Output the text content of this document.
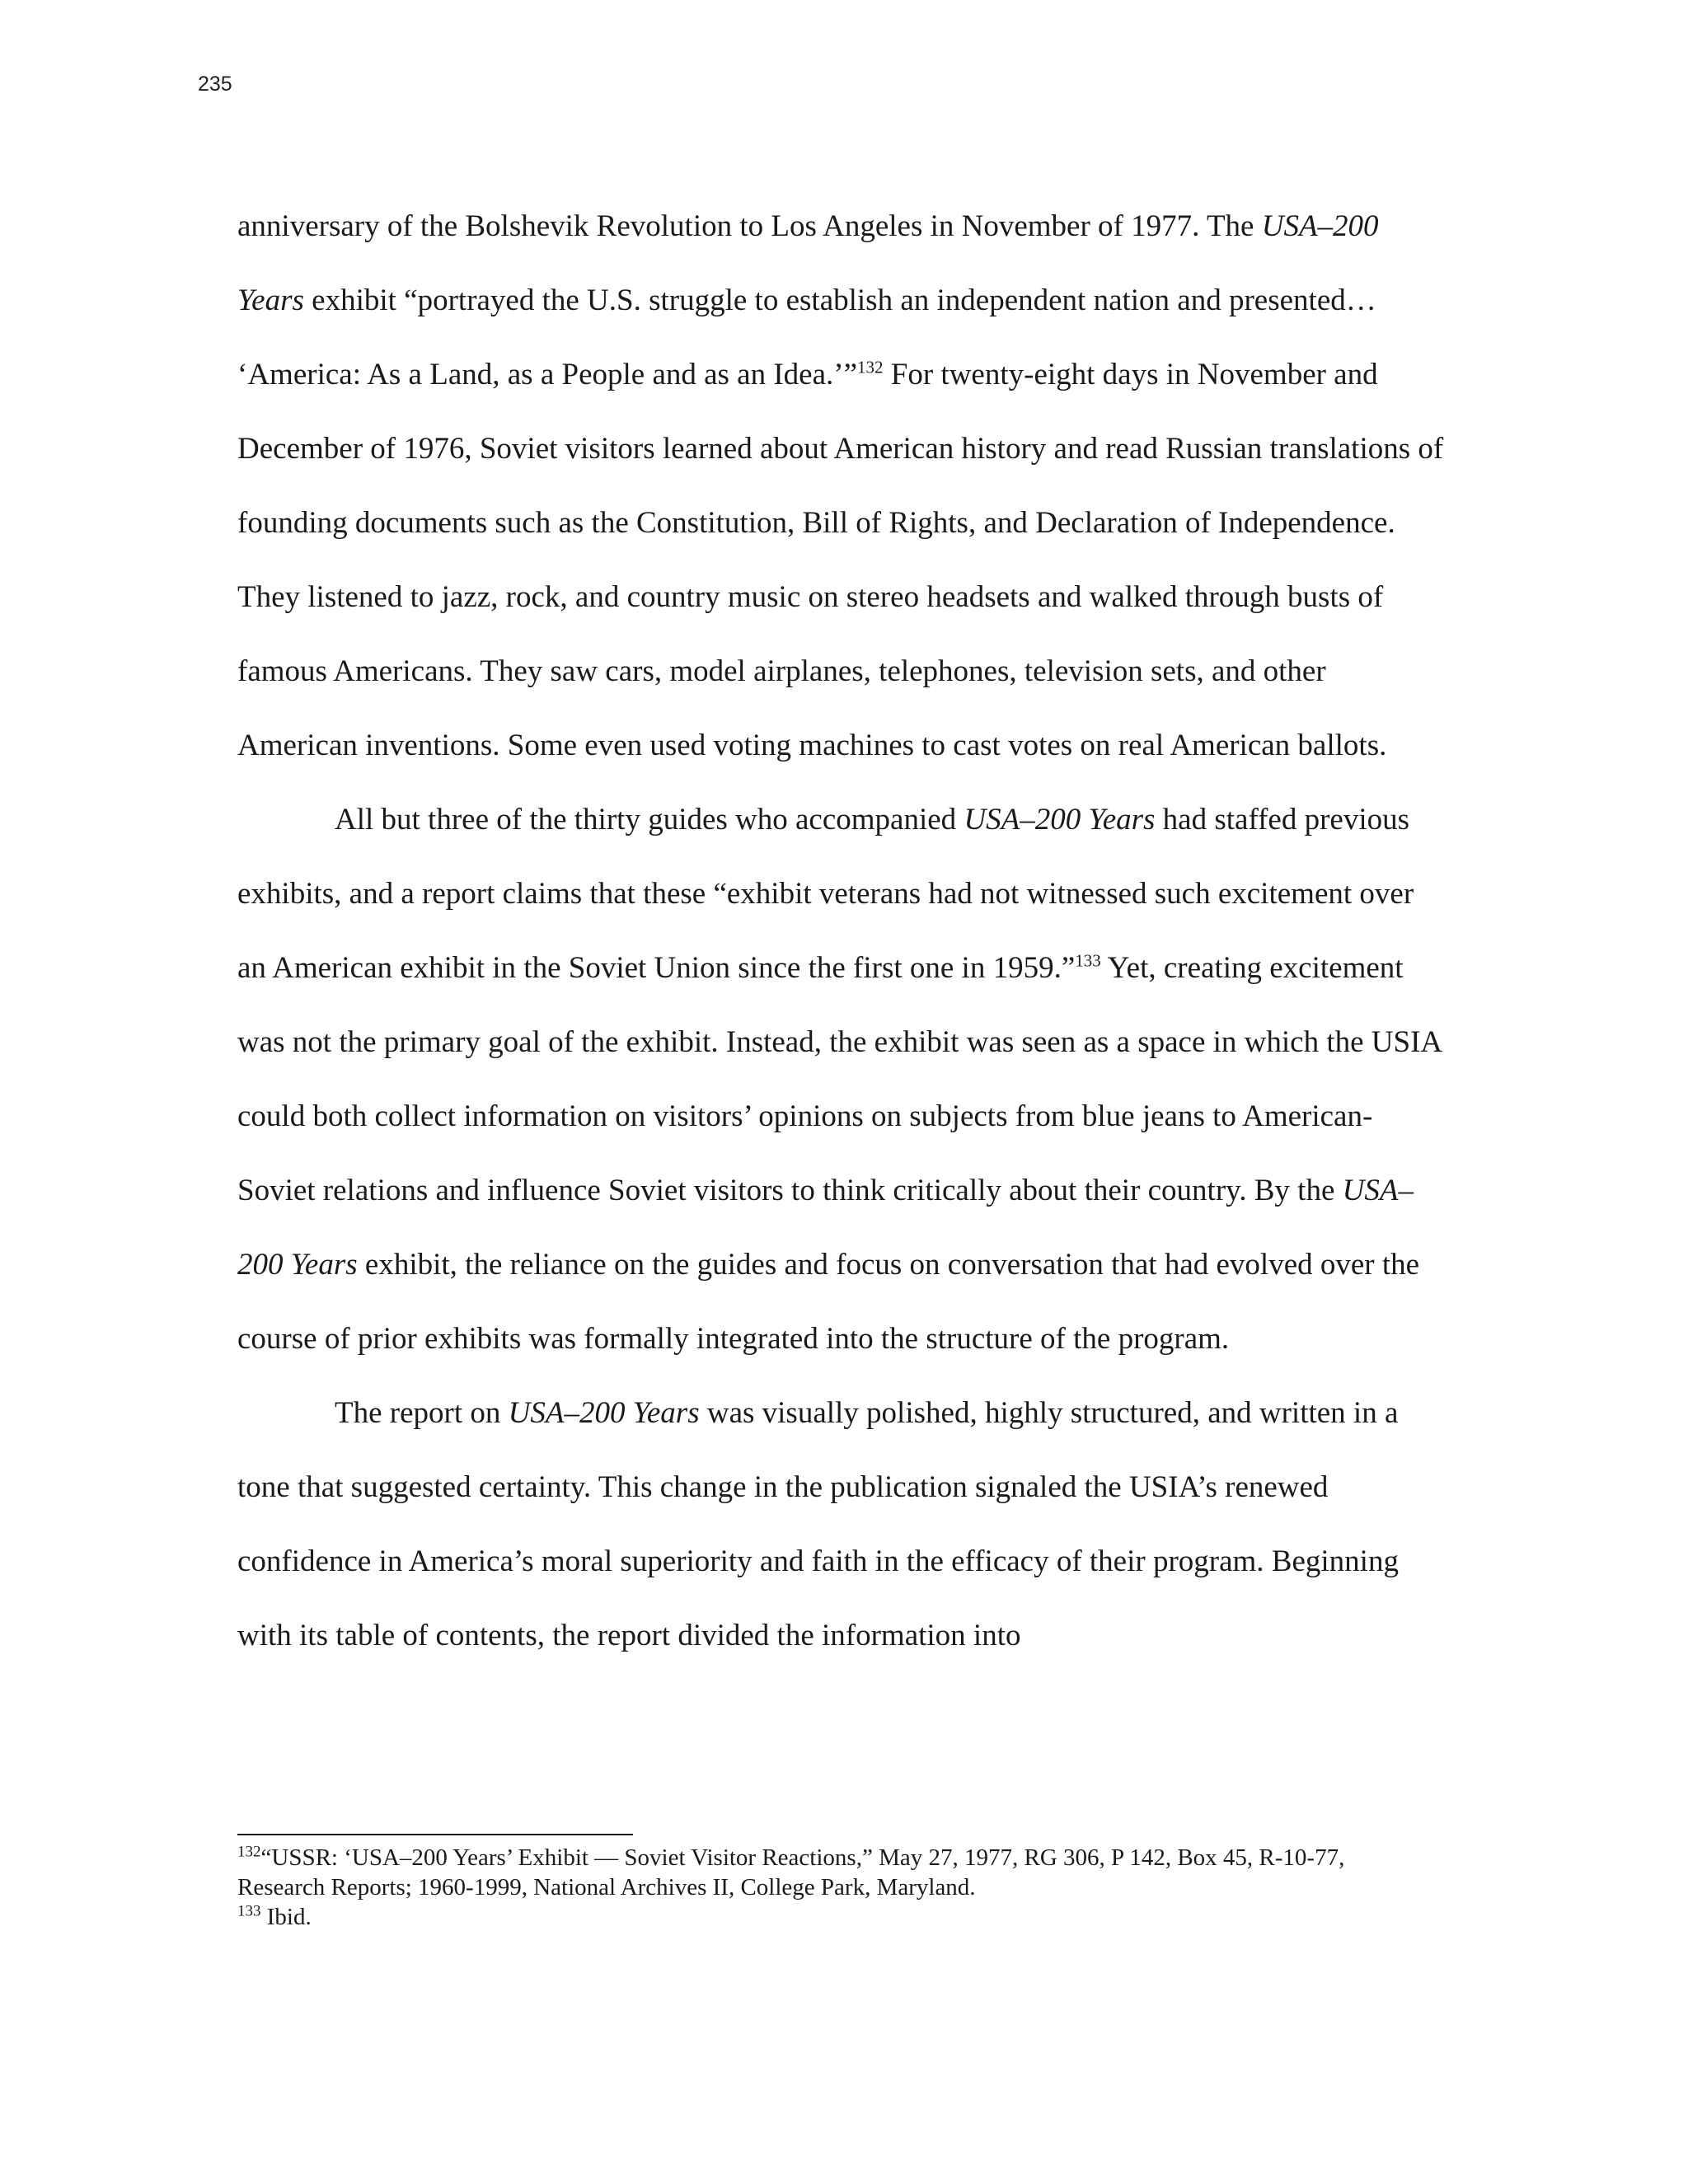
235

anniversary of the Bolshevik Revolution to Los Angeles in November of 1977. The USA–200 Years exhibit “portrayed the U.S. struggle to establish an independent nation and presented… ‘America: As a Land, as a People and as an Idea.’”$^{132}$ For twenty-eight days in November and December of 1976, Soviet visitors learned about American history and read Russian translations of founding documents such as the Constitution, Bill of Rights, and Declaration of Independence. They listened to jazz, rock, and country music on stereo headsets and walked through busts of famous Americans. They saw cars, model airplanes, telephones, television sets, and other American inventions. Some even used voting machines to cast votes on real American ballots.

All but three of the thirty guides who accompanied USA–200 Years had staffed previous exhibits, and a report claims that these “exhibit veterans had not witnessed such excitement over an American exhibit in the Soviet Union since the first one in 1959.”$^{133}$ Yet, creating excitement was not the primary goal of the exhibit. Instead, the exhibit was seen as a space in which the USIA could both collect information on visitors’ opinions on subjects from blue jeans to American-Soviet relations and influence Soviet visitors to think critically about their country. By the USA–200 Years exhibit, the reliance on the guides and focus on conversation that had evolved over the course of prior exhibits was formally integrated into the structure of the program.

The report on USA–200 Years was visually polished, highly structured, and written in a tone that suggested certainty. This change in the publication signaled the USIA’s renewed confidence in America’s moral superiority and faith in the efficacy of their program. Beginning with its table of contents, the report divided the information into

$^{132}$“USSR: ‘USA–200 Years’ Exhibit — Soviet Visitor Reactions,” May 27, 1977, RG 306, P 142, Box 45, R-10-77, Research Reports; 1960-1999, National Archives II, College Park, Maryland.

$^{133}$ Ibid.
